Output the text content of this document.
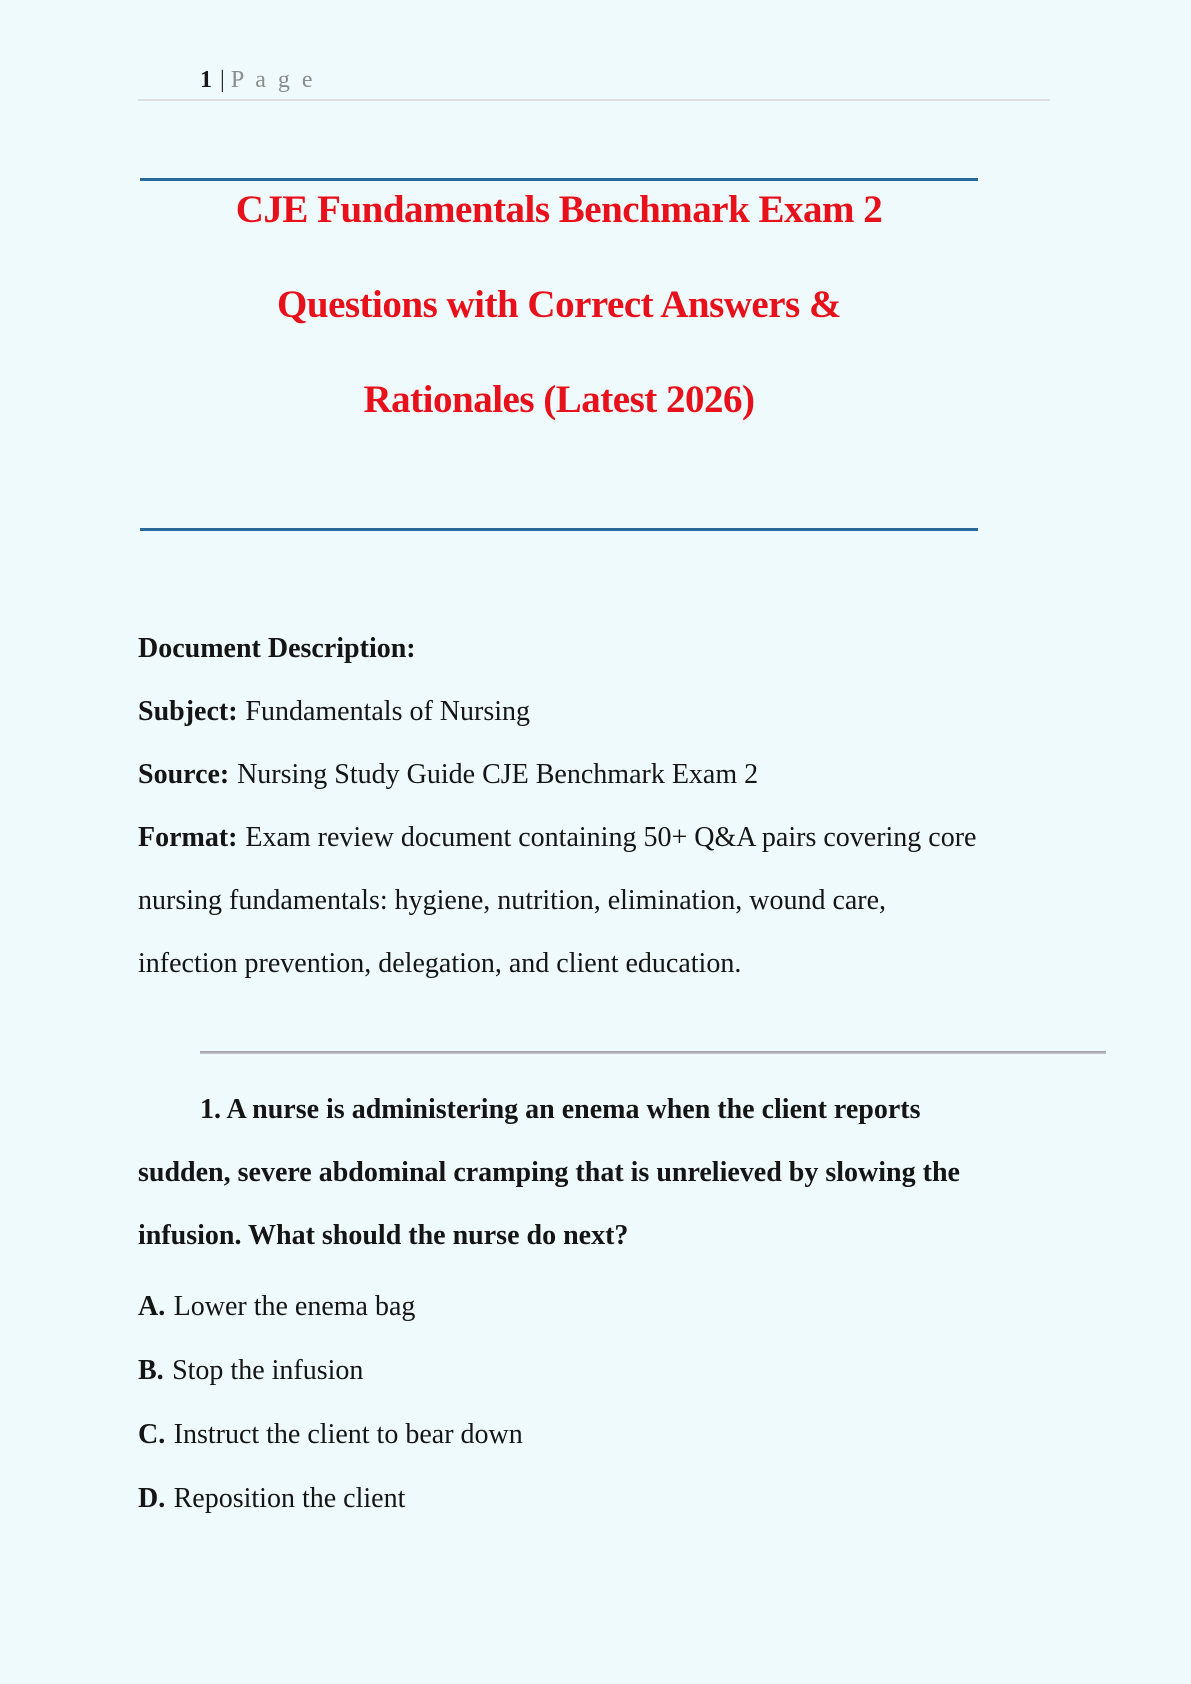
1 | P a g e
CJE Fundamentals Benchmark Exam 2
Questions with Correct Answers &
Rationales (Latest 2026)

Document Description:

Subject: Fundamentals of Nursing

Source: Nursing Study Guide CJE Benchmark Exam 2

Format: Exam review document containing 50+ Q&A pairs covering core

nursing fundamentals: hygiene, nutrition, elimination, wound care,

infection prevention, delegation, and client education.

1. A nurse is administering an enema when the client reports

sudden, severe abdominal cramping that is unrelieved by slowing the

infusion. What should the nurse do next?

A. Lower the enema bag

B. Stop the infusion

C. Instruct the client to bear down

D. Reposition the client
